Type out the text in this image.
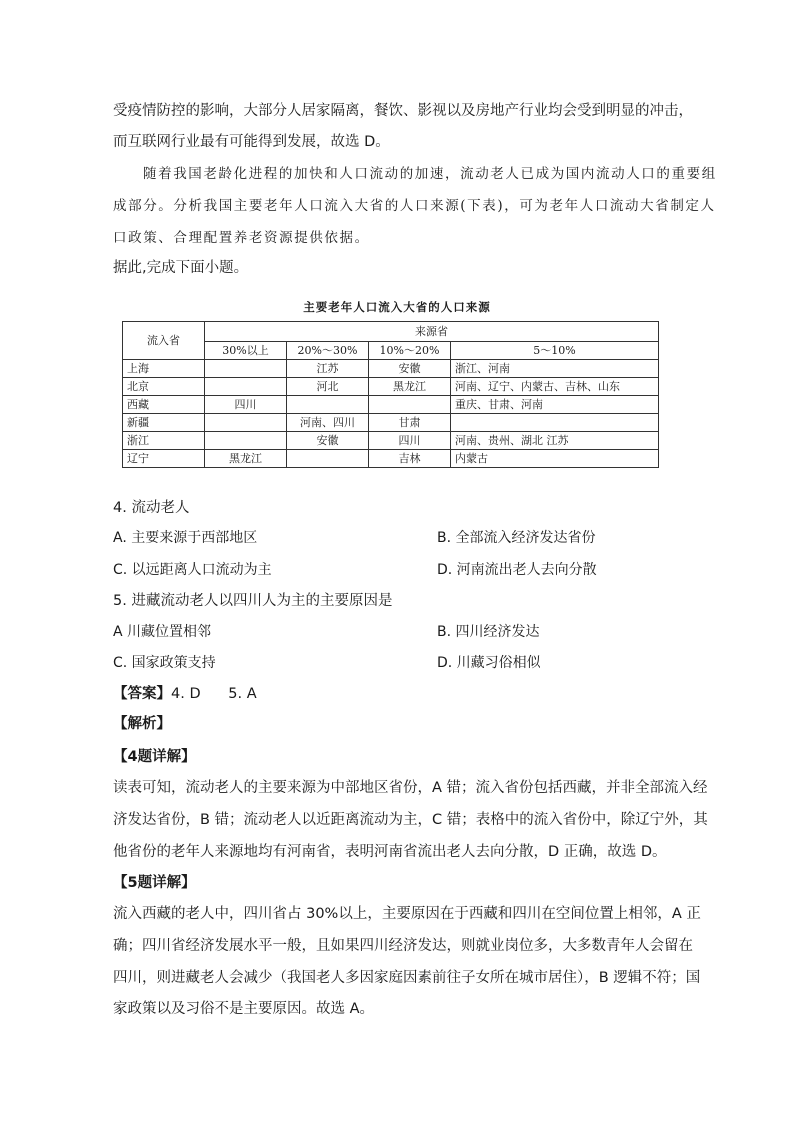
受疫情防控的影响，大部分人居家隔离，餐饮、影视以及房地产行业均会受到明显的冲击，
而互联网行业最有可能得到发展，故选 D。
随着我国老龄化进程的加快和人口流动的加速，流动老人已成为国内流动人口的重要组
成部分。分析我国主要老年人口流入大省的人口来源(下表)，可为老年人口流动大省制定人
口政策、合理配置养老资源提供依据。
据此,完成下面小题。
主要老年人口流入大省的人口来源
流入省	来源省			
	30%以上	20%～30%	10%～20%	5～10%
上海		江苏	安徽	浙江、河南
北京		河北	黑龙江	河南、辽宁、内蒙古、吉林、山东
西藏	四川			重庆、甘肃、河南
新疆		河南、四川	甘肃	
浙江		安徽	四川	河南、贵州、湖北 江苏
辽宁	黑龙江		吉林	内蒙古
4. 流动老人
A. 主要来源于西部地区	B. 全部流入经济发达省份
C. 以远距离人口流动为主	D. 河南流出老人去向分散
5. 进藏流动老人以四川人为主的主要原因是
A 川藏位置相邻	B. 四川经济发达
C. 国家政策支持	D. 川藏习俗相似
【答案】4. D      5. A
【解析】
【4题详解】
读表可知，流动老人的主要来源为中部地区省份，A 错；流入省份包括西藏，并非全部流入经
济发达省份，B 错；流动老人以近距离流动为主，C 错；表格中的流入省份中，除辽宁外，其
他省份的老年人来源地均有河南省，表明河南省流出老人去向分散，D 正确，故选 D。
【5题详解】
流入西藏的老人中，四川省占 30%以上，主要原因在于西藏和四川在空间位置上相邻，A 正
确；四川省经济发展水平一般，且如果四川经济发达，则就业岗位多，大多数青年人会留在
四川，则进藏老人会减少（我国老人多因家庭因素前往子女所在城市居住），B 逻辑不符；国
家政策以及习俗不是主要原因。故选 A。
